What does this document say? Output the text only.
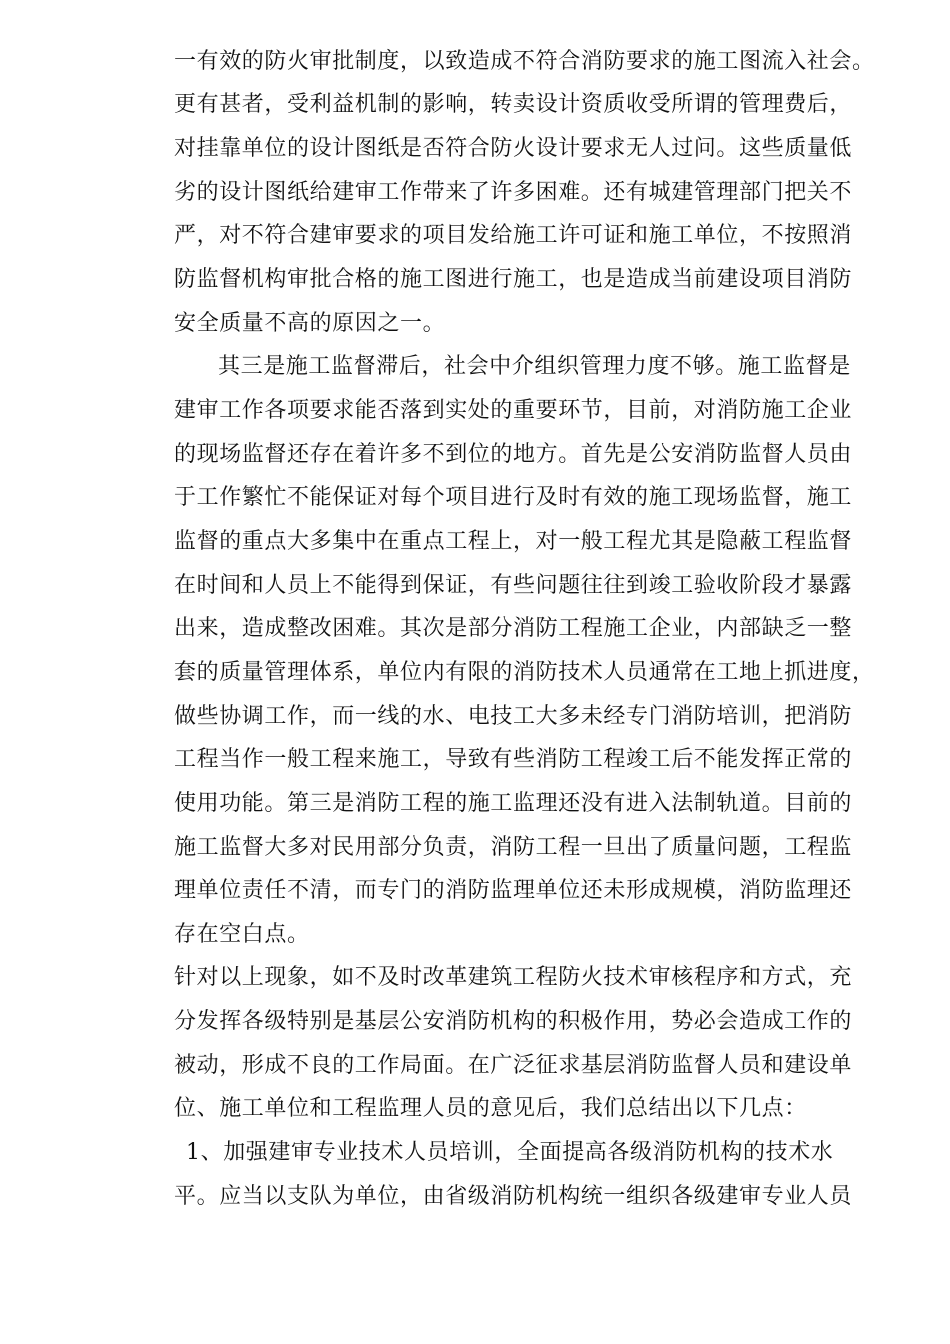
一有效的防火审批制度，以致造成不符合消防要求的施工图流入社会。
更有甚者，受利益机制的影响，转卖设计资质收受所谓的管理费后，
对挂靠单位的设计图纸是否符合防火设计要求无人过问。这些质量低
劣的设计图纸给建审工作带来了许多困难。还有城建管理部门把关不
严，对不符合建审要求的项目发给施工许可证和施工单位，不按照消
防监督机构审批合格的施工图进行施工，也是造成当前建设项目消防
安全质量不高的原因之一。
其三是施工监督滞后，社会中介组织管理力度不够。施工监督是
建审工作各项要求能否落到实处的重要环节，目前，对消防施工企业
的现场监督还存在着许多不到位的地方。首先是公安消防监督人员由
于工作繁忙不能保证对每个项目进行及时有效的施工现场监督，施工
监督的重点大多集中在重点工程上，对一般工程尤其是隐蔽工程监督
在时间和人员上不能得到保证，有些问题往往到竣工验收阶段才暴露
出来，造成整改困难。其次是部分消防工程施工企业，内部缺乏一整
套的质量管理体系，单位内有限的消防技术人员通常在工地上抓进度，
做些协调工作，而一线的水、电技工大多未经专门消防培训，把消防
工程当作一般工程来施工，导致有些消防工程竣工后不能发挥正常的
使用功能。第三是消防工程的施工监理还没有进入法制轨道。目前的
施工监督大多对民用部分负责，消防工程一旦出了质量问题，工程监
理单位责任不清，而专门的消防监理单位还未形成规模，消防监理还
存在空白点。
针对以上现象，如不及时改革建筑工程防火技术审核程序和方式，充
分发挥各级特别是基层公安消防机构的积极作用，势必会造成工作的
被动，形成不良的工作局面。在广泛征求基层消防监督人员和建设单
位、施工单位和工程监理人员的意见后，我们总结出以下几点：
1、加强建审专业技术人员培训，全面提高各级消防机构的技术水
平。应当以支队为单位，由省级消防机构统一组织各级建审专业人员
